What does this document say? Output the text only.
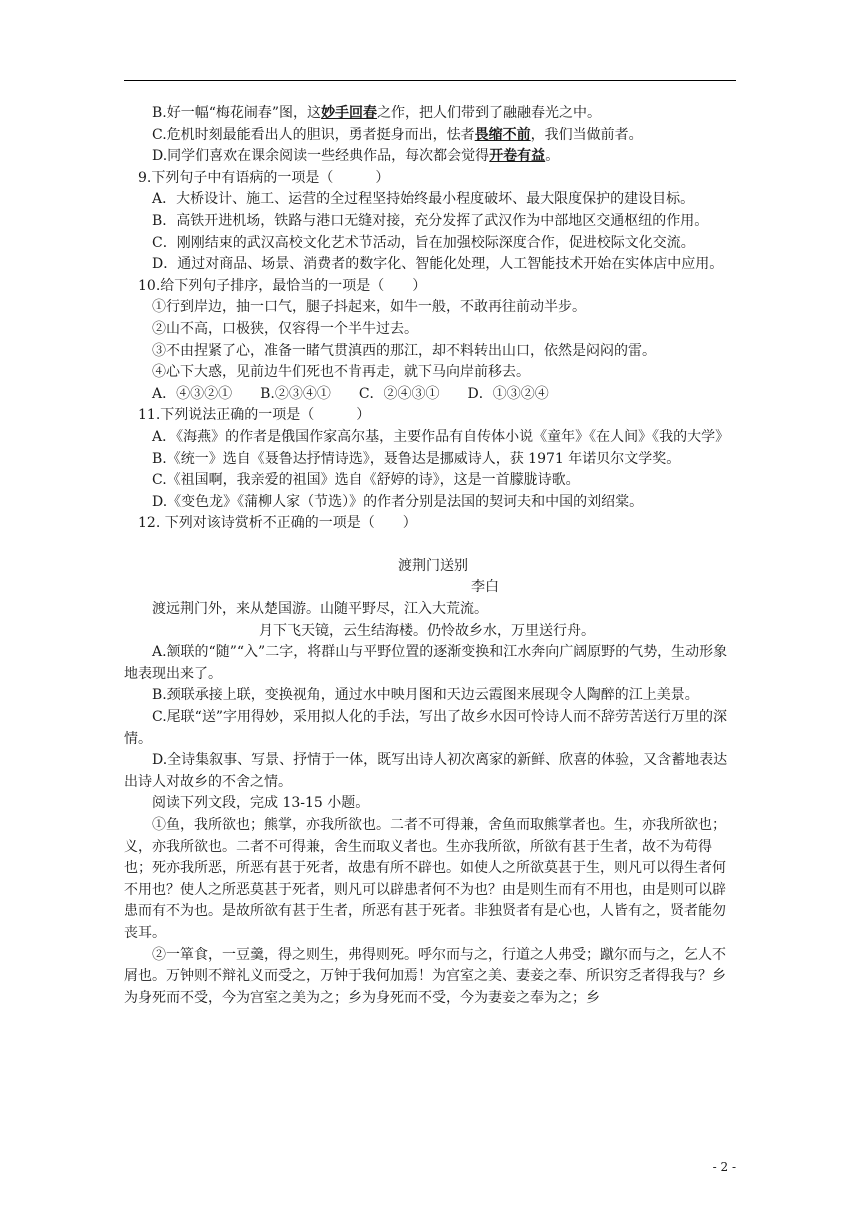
B.好一幅“梅花闹春”图，这妙手回春之作，把人们带到了融融春光之中。

C.危机时刻最能看出人的胆识，勇者挺身而出，怯者畏缩不前，我们当做前者。

D.同学们喜欢在课余阅读一些经典作品，每次都会觉得开卷有益。

9.下列句子中有语病的一项是（　　　）

A．大桥设计、施工、运营的全过程坚持始终最小程度破坏、最大限度保护的建设目标。

B．高铁开进机场，铁路与港口无缝对接，充分发挥了武汉作为中部地区交通枢纽的作用。

C．刚刚结束的武汉高校文化艺术节活动，旨在加强校际深度合作，促进校际文化交流。

D．通过对商品、场景、消费者的数字化、智能化处理，人工智能技术开始在实体店中应用。

10.给下列句子排序，最恰当的一项是（　　）

①行到岸边，抽一口气，腿子抖起来，如牛一般，不敢再往前动半步。

②山不高，口极狭，仅容得一个半牛过去。

③不由捏紧了心，准备一睹气贯滇西的那江，却不料转出山口，依然是闷闷的雷。

④心下大惑，见前边牛们死也不肯再走，就下马向岸前移去。

A．④③②①　　B.②③④①　　C．②④③①　　D．①③②④

11.下列说法正确的一项是（　　　）

A．《海燕》的作者是俄国作家高尔基，主要作品有自传体小说《童年》《在人间》《我的大学》

B.《统一》选自《聂鲁达抒情诗选》，聂鲁达是挪威诗人，获 1971 年诺贝尔文学奖。

C.《祖国啊，我亲爱的祖国》选自《舒婷的诗》，这是一首朦胧诗歌。

D.《变色龙》《蒲柳人家（节选）》的作者分别是法国的契诃夫和中国的刘绍棠。

12. 下列对该诗赏析不正确的一项是（　　）

渡荆门送别

李白

渡远荆门外，来从楚国游。山随平野尽，江入大荒流。

月下飞天镜，云生结海楼。仍怜故乡水，万里送行舟。

A.颔联的“随”“入”二字，将群山与平野位置的逐渐变换和江水奔向广阔原野的气势，生动形象地表现出来了。

B.颈联承接上联，变换视角，通过水中映月图和天边云霞图来展现令人陶醉的江上美景。

C.尾联“送”字用得妙，采用拟人化的手法，写出了故乡水因可怜诗人而不辞劳苦送行万里的深情。

D.全诗集叙事、写景、抒情于一体，既写出诗人初次离家的新鲜、欣喜的体验，又含蓄地表达出诗人对故乡的不舍之情。

阅读下列文段，完成 13-15 小题。

①鱼，我所欲也；熊掌，亦我所欲也。二者不可得兼，舍鱼而取熊掌者也。生，亦我所欲也；义，亦我所欲也。二者不可得兼，舍生而取义者也。生亦我所欲，所欲有甚于生者，故不为苟得也；死亦我所恶，所恶有甚于死者，故患有所不辟也。如使人之所欲莫甚于生，则凡可以得生者何不用也？使人之所恶莫甚于死者，则凡可以辟患者何不为也？由是则生而有不用也，由是则可以辟患而有不为也。是故所欲有甚于生者，所恶有甚于死者。非独贤者有是心也，人皆有之，贤者能勿丧耳。

②一箪食，一豆羹，得之则生，弗得则死。呼尔而与之，行道之人弗受；蹴尔而与之，乞人不屑也。万钟则不辩礼义而受之，万钟于我何加焉！为宫室之美、妻妾之奉、所识穷乏者得我与？乡为身死而不受，今为宫室之美为之；乡为身死而不受，今为妻妾之奉为之；乡

- 2 -
